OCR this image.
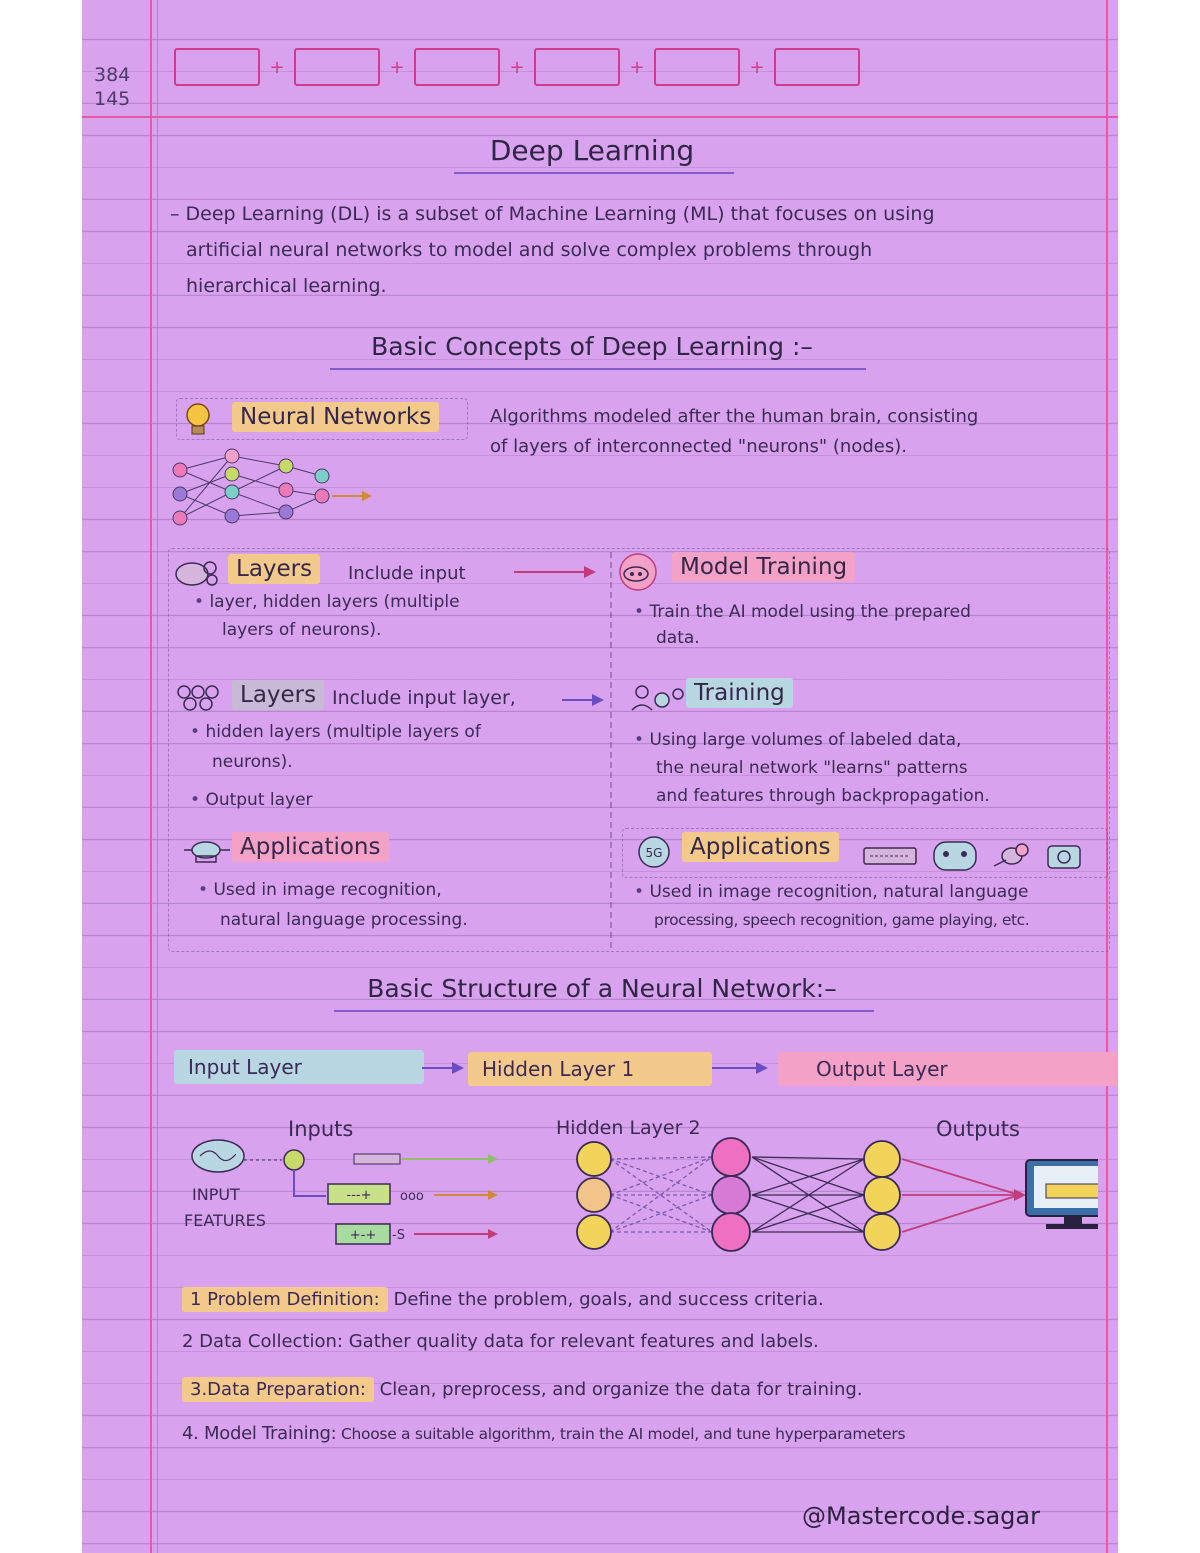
384
145
+	+	+	+	+
Deep Learning
– Deep Learning (DL) is a subset of Machine Learning (ML) that focuses on using
artificial neural networks to model and solve complex problems through
hierarchical learning.
Basic Concepts of Deep Learning :–
Neural Networks	Algorithms modeled after the human brain, consisting
of layers of interconnected "neurons" (nodes).
Layers	Include input
• layer, hidden layers (multiple
layers of neurons).
Model Training
• Train the AI model using the prepared
data.
Layers Include input layer,
• hidden layers (multiple layers of
neurons).
• Output layer
Training
• Using large volumes of labeled data,
the neural network "learns" patterns
and features through backpropagation.
Applications
• Used in image recognition,
natural language processing.
5G	Applications
• Used in image recognition, natural language
processing, speech recognition, game playing, etc.
Basic Structure of a Neural Network:–
Input Layer	Hidden Layer 1	Output Layer
Inputs	Hidden Layer 2	Outputs
INPUT
FEATURES
---+ ooo
+-+ -S
1 Problem Definition: Define the problem, goals, and success criteria.
2 Data Collection: Gather quality data for relevant features and labels.
3.Data Preparation: Clean, preprocess, and organize the data for training.
4. Model Training: Choose a suitable algorithm, train the AI model, and tune hyperparameters
@Mastercode.sagar
